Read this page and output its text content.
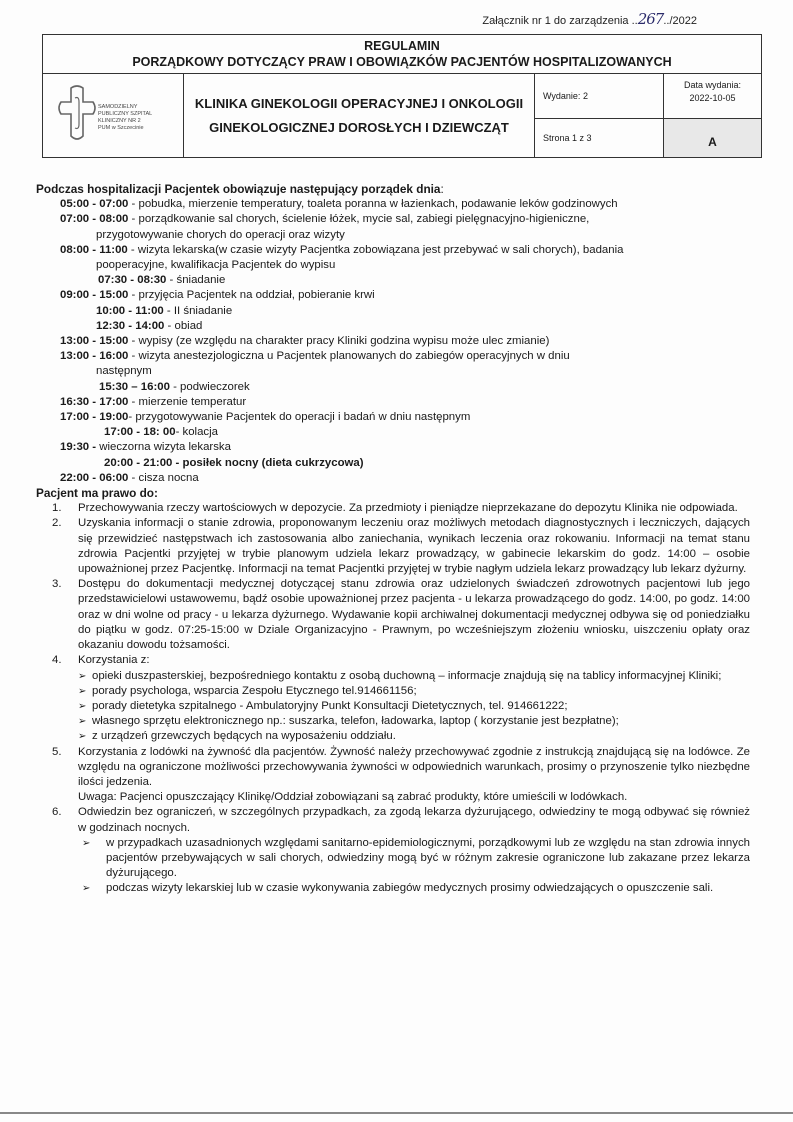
Załącznik nr 1 do zarządzenia ..267../2022
REGULAMIN
PORZĄDKOWY DOTYCZĄCY PRAW I OBOWIĄZKÓW PACJENTÓW HOSPITALIZOWANYCH
SAMODZIELNY
PUBLICZNY SZPITAL
KLINICZNY NR 2
PUM w Szczecinie
KLINIKA GINEKOLOGII OPERACYJNEJ I ONKOLOGII
GINEKOLOGICZNEJ DOROSŁYCH I DZIEWCZĄT
Wydanie: 2
Strona 1 z 3
Data wydania:
2022-10-05
A
Podczas hospitalizacji Pacjentek obowiązuje następujący porządek dnia:
05:00 - 07:00 - pobudka, mierzenie temperatury, toaleta poranna w łazienkach, podawanie leków godzinowych
07:00 - 08:00 - porządkowanie sal chorych, ścielenie łóżek, mycie sal, zabiegi pielęgnacyjno-higieniczne,
przygotowywanie chorych do operacji oraz wizyty
08:00 - 11:00 - wizyta lekarska(w czasie wizyty Pacjentka zobowiązana jest przebywać w sali chorych), badania
pooperacyjne, kwalifikacja Pacjentek do wypisu
07:30 - 08:30 - śniadanie
09:00 - 15:00 - przyjęcia Pacjentek na oddział, pobieranie krwi
10:00 - 11:00 - II śniadanie
12:30 - 14:00 - obiad
13:00 - 15:00 - wypisy (ze względu na charakter pracy Kliniki godzina wypisu może ulec zmianie)
13:00 - 16:00 - wizyta anestezjologiczna u Pacjentek planowanych do zabiegów operacyjnych w dniu
następnym
15:30 – 16:00 - podwieczorek
16:30 - 17:00 - mierzenie temperatur
17:00 - 19:00- przygotowywanie Pacjentek do operacji i badań w dniu następnym
17:00 - 18: 00- kolacja
19:30 - wieczorna wizyta lekarska
20:00 - 21:00 - posiłek nocny (dieta cukrzycowa)
22:00 - 06:00 - cisza nocna
Pacjent ma prawo do:
1. Przechowywania rzeczy wartościowych w depozycie. Za przedmioty i pieniądze nieprzekazane do depozytu Klinika nie odpowiada.
2. Uzyskania informacji o stanie zdrowia, proponowanym leczeniu oraz możliwych metodach diagnostycznych i leczniczych, dających się przewidzieć następstwach ich zastosowania albo zaniechania, wynikach leczenia oraz rokowaniu. Informacji na temat stanu zdrowia Pacjentki przyjętej w trybie planowym udziela lekarz prowadzący, w gabinecie lekarskim do godz. 14:00 – osobie upoważnionej przez Pacjentkę. Informacji na temat Pacjentki przyjętej w trybie nagłym udziela lekarz prowadzący lub lekarz dyżurny.
3. Dostępu do dokumentacji medycznej dotyczącej stanu zdrowia oraz udzielonych świadczeń zdrowotnych pacjentowi lub jego przedstawicielowi ustawowemu, bądź osobie upoważnionej przez pacjenta - u lekarza prowadzącego do godz. 14:00, po godz. 14:00 oraz w dni wolne od pracy - u lekarza dyżurnego. Wydawanie kopii archiwalnej dokumentacji medycznej odbywa się od poniedziałku do piątku w godz. 07:25-15:00 w Dziale Organizacyjno - Prawnym, po wcześniejszym złożeniu wniosku, uiszczeniu opłaty oraz okazaniu dowodu tożsamości.
4. Korzystania z:
➢ opieki duszpasterskiej, bezpośredniego kontaktu z osobą duchowną – informacje znajdują się na tablicy informacyjnej Kliniki;
➢ porady psychologa, wsparcia Zespołu Etycznego tel.914661156;
➢ porady dietetyka szpitalnego - Ambulatoryjny Punkt Konsultacji Dietetycznych, tel. 914661222;
➢ własnego sprzętu elektronicznego np.: suszarka, telefon, ładowarka, laptop ( korzystanie jest bezpłatne);
➢ z urządzeń grzewczych będących na wyposażeniu oddziału.
5. Korzystania z lodówki na żywność dla pacjentów. Żywność należy przechowywać zgodnie z instrukcją znajdującą się na lodówce. Ze względu na ograniczone możliwości przechowywania żywności w odpowiednich warunkach, prosimy o przynoszenie tylko niezbędne ilości jedzenia.
Uwaga: Pacjenci opuszczający Klinikę/Oddział zobowiązani są zabrać produkty, które umieścili w lodówkach.
6. Odwiedzin bez ograniczeń, w szczególnych przypadkach, za zgodą lekarza dyżurującego, odwiedziny te mogą odbywać się również w godzinach nocnych.
➢ w przypadkach uzasadnionych względami sanitarno-epidemiologicznymi, porządkowymi lub ze względu na stan zdrowia innych pacjentów przebywających w sali chorych, odwiedziny mogą być w różnym zakresie ograniczone lub zakazane przez lekarza dyżurującego.
➢ podczas wizyty lekarskiej lub w czasie wykonywania zabiegów medycznych prosimy odwiedzających o opuszczenie sali.
